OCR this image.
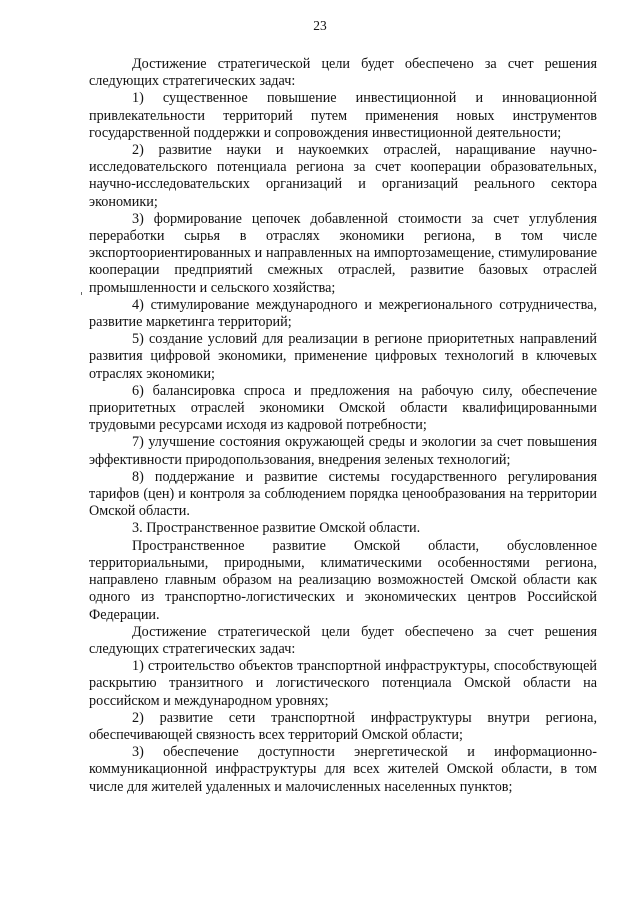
23

Достижение стратегической цели будет обеспечено за счет решения следующих стратегических задач:

1) существенное повышение инвестиционной и инновационной привлекательности территорий путем применения новых инструментов государственной поддержки и сопровождения инвестиционной деятельности;

2) развитие науки и наукоемких отраслей, наращивание научно-исследовательского потенциала региона за счет кооперации образовательных, научно-исследовательских организаций и организаций реального сектора экономики;

3) формирование цепочек добавленной стоимости за счет углубления переработки сырья в отраслях экономики региона, в том числе экспортоориентированных и направленных на импортозамещение, стимулирование кооперации предприятий смежных отраслей, развитие базовых отраслей промышленности и сельского хозяйства;

4) стимулирование международного и межрегионального сотрудничества, развитие маркетинга территорий;

5) создание условий для реализации в регионе приоритетных направлений развития цифровой экономики, применение цифровых технологий в ключевых отраслях экономики;

6) балансировка спроса и предложения на рабочую силу, обеспечение приоритетных отраслей экономики Омской области квалифицированными трудовыми ресурсами исходя из кадровой потребности;

7) улучшение состояния окружающей среды и экологии за счет повышения эффективности природопользования, внедрения зеленых технологий;

8) поддержание и развитие системы государственного регулирования тарифов (цен) и контроля за соблюдением порядка ценообразования на территории Омской области.

3. Пространственное развитие Омской области.

Пространственное развитие Омской области, обусловленное территориальными, природными, климатическими особенностями региона, направлено главным образом на реализацию возможностей Омской области как одного из транспортно-логистических и экономических центров Российской Федерации.

Достижение стратегической цели будет обеспечено за счет решения следующих стратегических задач:

1) строительство объектов транспортной инфраструктуры, способствующей раскрытию транзитного и логистического потенциала Омской области на российском и международном уровнях;

2) развитие сети транспортной инфраструктуры внутри региона, обеспечивающей связность всех территорий Омской области;

3) обеспечение доступности энергетической и информационно-коммуникационной инфраструктуры для всех жителей Омской области, в том числе для жителей удаленных и малочисленных населенных пунктов;
